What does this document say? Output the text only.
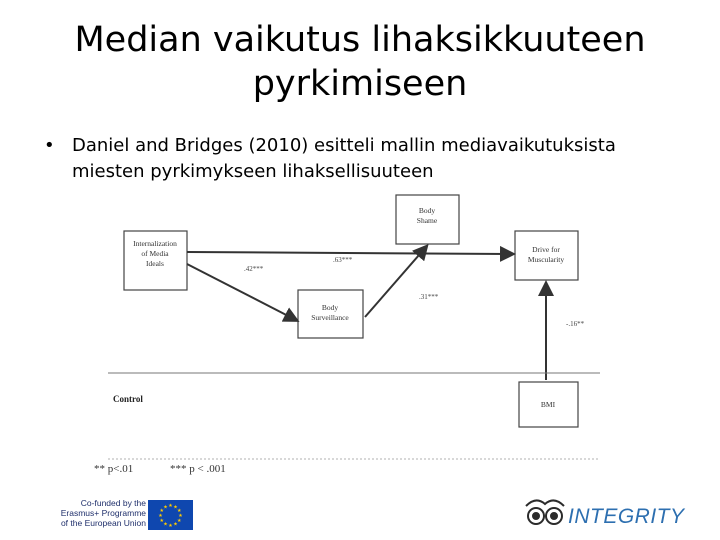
Median vaikutus lihaksikkuuteen
pyrkimiseen
• Daniel and Bridges (2010) esitteli mallin mediavaikutuksista
miesten pyrkimykseen lihaksellisuuteen
Internalization
of Media
Ideals
Body
Shame
Drive for
Muscularity
Body
Surveillance
BMI
.42***
.63***
.31***
-.16**
Control
** p<.01	*** p < .001
Co-funded by the
Erasmus+ Programme
of the European Union
★ ★
★
★
★
★
★
★
★
★
★
★	INTEGRITY
